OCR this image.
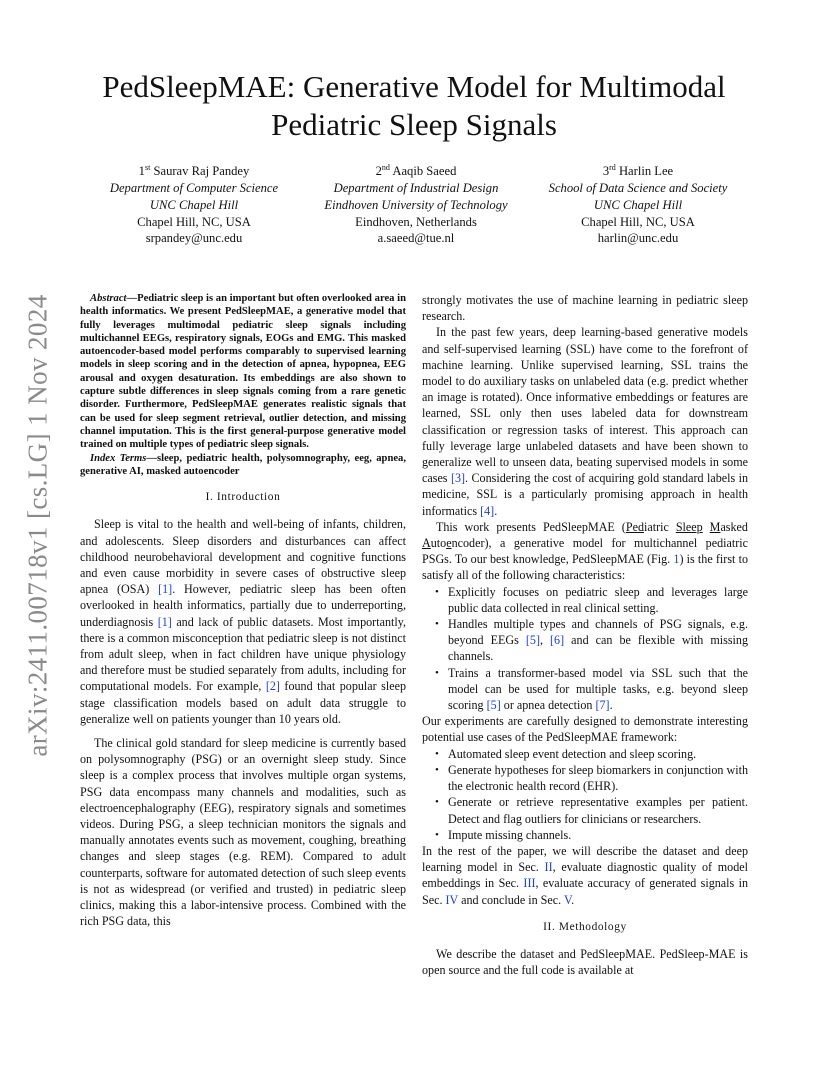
arXiv:2411.00718v1 [cs.LG] 1 Nov 2024
PedSleepMAE: Generative Model for Multimodal Pediatric Sleep Signals
1st Saurav Raj Pandey
Department of Computer Science
UNC Chapel Hill
Chapel Hill, NC, USA
srpandey@unc.edu
2nd Aaqib Saeed
Department of Industrial Design
Eindhoven University of Technology
Eindhoven, Netherlands
a.saeed@tue.nl
3rd Harlin Lee
School of Data Science and Society
UNC Chapel Hill
Chapel Hill, NC, USA
harlin@unc.edu

Abstract—Pediatric sleep is an important but often overlooked area in health informatics. We present PedSleepMAE, a generative model that fully leverages multimodal pediatric sleep signals including multichannel EEGs, respiratory signals, EOGs and EMG. This masked autoencoder-based model performs comparably to supervised learning models in sleep scoring and in the detection of apnea, hypopnea, EEG arousal and oxygen desaturation. Its embeddings are also shown to capture subtle differences in sleep signals coming from a rare genetic disorder. Furthermore, PedSleepMAE generates realistic signals that can be used for sleep segment retrieval, outlier detection, and missing channel imputation. This is the first general-purpose generative model trained on multiple types of pediatric sleep signals.

Index Terms—sleep, pediatric health, polysomnography, eeg, apnea, generative AI, masked autoencoder

I. Introduction

Sleep is vital to the health and well-being of infants, children, and adolescents. Sleep disorders and disturbances can affect childhood neurobehavioral development and cognitive functions and even cause morbidity in severe cases of obstructive sleep apnea (OSA) [1]. However, pediatric sleep has been often overlooked in health informatics, partially due to underreporting, underdiagnosis [1] and lack of public datasets. Most importantly, there is a common misconception that pediatric sleep is not distinct from adult sleep, when in fact children have unique physiology and therefore must be studied separately from adults, including for computational models. For example, [2] found that popular sleep stage classification models based on adult data struggle to generalize well on patients younger than 10 years old.

The clinical gold standard for sleep medicine is currently based on polysomnography (PSG) or an overnight sleep study. Since sleep is a complex process that involves multiple organ systems, PSG data encompass many channels and modalities, such as electroencephalography (EEG), respiratory signals and sometimes videos. During PSG, a sleep technician monitors the signals and manually annotates events such as movement, coughing, breathing changes and sleep stages (e.g. REM). Compared to adult counterparts, software for automated detection of such sleep events is not as widespread (or verified and trusted) in pediatric sleep clinics, making this a labor-intensive process. Combined with the rich PSG data, this

strongly motivates the use of machine learning in pediatric sleep research.

In the past few years, deep learning-based generative models and self-supervised learning (SSL) have come to the forefront of machine learning. Unlike supervised learning, SSL trains the model to do auxiliary tasks on unlabeled data (e.g. predict whether an image is rotated). Once informative embeddings or features are learned, SSL only then uses labeled data for downstream classification or regression tasks of interest. This approach can fully leverage large unlabeled datasets and have been shown to generalize well to unseen data, beating supervised models in some cases [3]. Considering the cost of acquiring gold standard labels in medicine, SSL is a particularly promising approach in health informatics [4].

This work presents PedSleepMAE (Pediatric Sleep Masked Autoencoder), a generative model for multichannel pediatric PSGs. To our best knowledge, PedSleepMAE (Fig. 1) is the first to satisfy all of the following characteristics:

• Explicitly focuses on pediatric sleep and leverages large public data collected in real clinical setting.
• Handles multiple types and channels of PSG signals, e.g. beyond EEGs [5], [6] and can be flexible with missing channels.
• Trains a transformer-based model via SSL such that the model can be used for multiple tasks, e.g. beyond sleep scoring [5] or apnea detection [7].

Our experiments are carefully designed to demonstrate interesting potential use cases of the PedSleepMAE framework:

• Automated sleep event detection and sleep scoring.
• Generate hypotheses for sleep biomarkers in conjunction with the electronic health record (EHR).
• Generate or retrieve representative examples per patient. Detect and flag outliers for clinicians or researchers.
• Impute missing channels.

In the rest of the paper, we will describe the dataset and deep learning model in Sec. II, evaluate diagnostic quality of model embeddings in Sec. III, evaluate accuracy of generated signals in Sec. IV and conclude in Sec. V.

II. Methodology

We describe the dataset and PedSleepMAE. PedSleep-MAE is open source and the full code is available at
